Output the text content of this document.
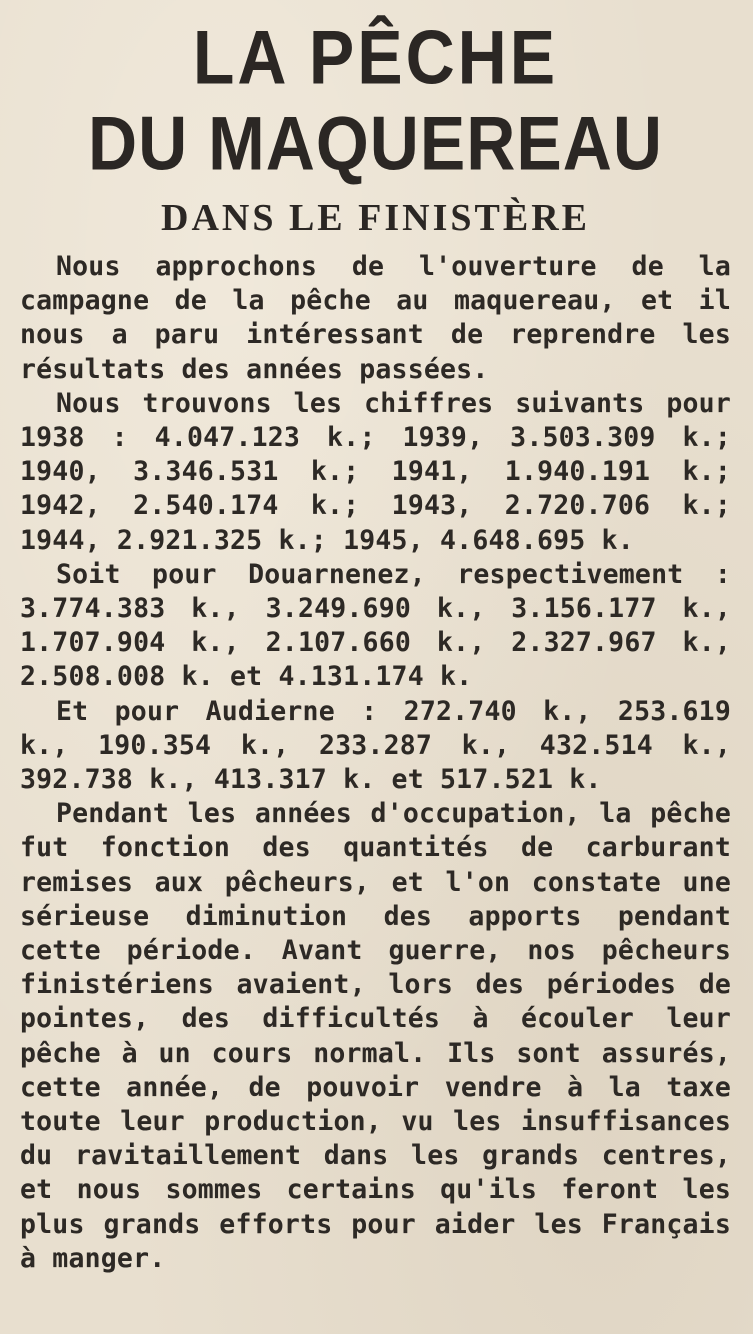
LA PÊCHE
DU MAQUEREAU
DANS LE FINISTÈRE

Nous approchons de l'ouverture de la campagne de la pêche au maquereau, et il nous a paru intéressant de reprendre les résultats des années passées.

Nous trouvons les chiffres suivants pour 1938 : 4.047.123 k.; 1939, 3.503.309 k.; 1940, 3.346.531 k.; 1941, 1.940.191 k.; 1942, 2.540.174 k.; 1943, 2.720.706 k.; 1944, 2.921.325 k.; 1945, 4.648.695 k.

Soit pour Douarnenez, respectivement : 3.774.383 k., 3.249.690 k., 3.156.177 k., 1.707.904 k., 2.107.660 k., 2.327.967 k., 2.508.008 k. et 4.131.174 k.

Et pour Audierne : 272.740 k., 253.619 k., 190.354 k., 233.287 k., 432.514 k., 392.738 k., 413.317 k. et 517.521 k.

Pendant les années d'occupation, la pêche fut fonction des quantités de carburant remises aux pêcheurs, et l'on constate une sérieuse diminution des apports pendant cette période. Avant guerre, nos pêcheurs finistériens avaient, lors des périodes de pointes, des difficultés à écouler leur pêche à un cours normal. Ils sont assurés, cette année, de pouvoir vendre à la taxe toute leur production, vu les insuffisances du ravitaillement dans les grands centres, et nous sommes certains qu'ils feront les plus grands efforts pour aider les Français à manger.
